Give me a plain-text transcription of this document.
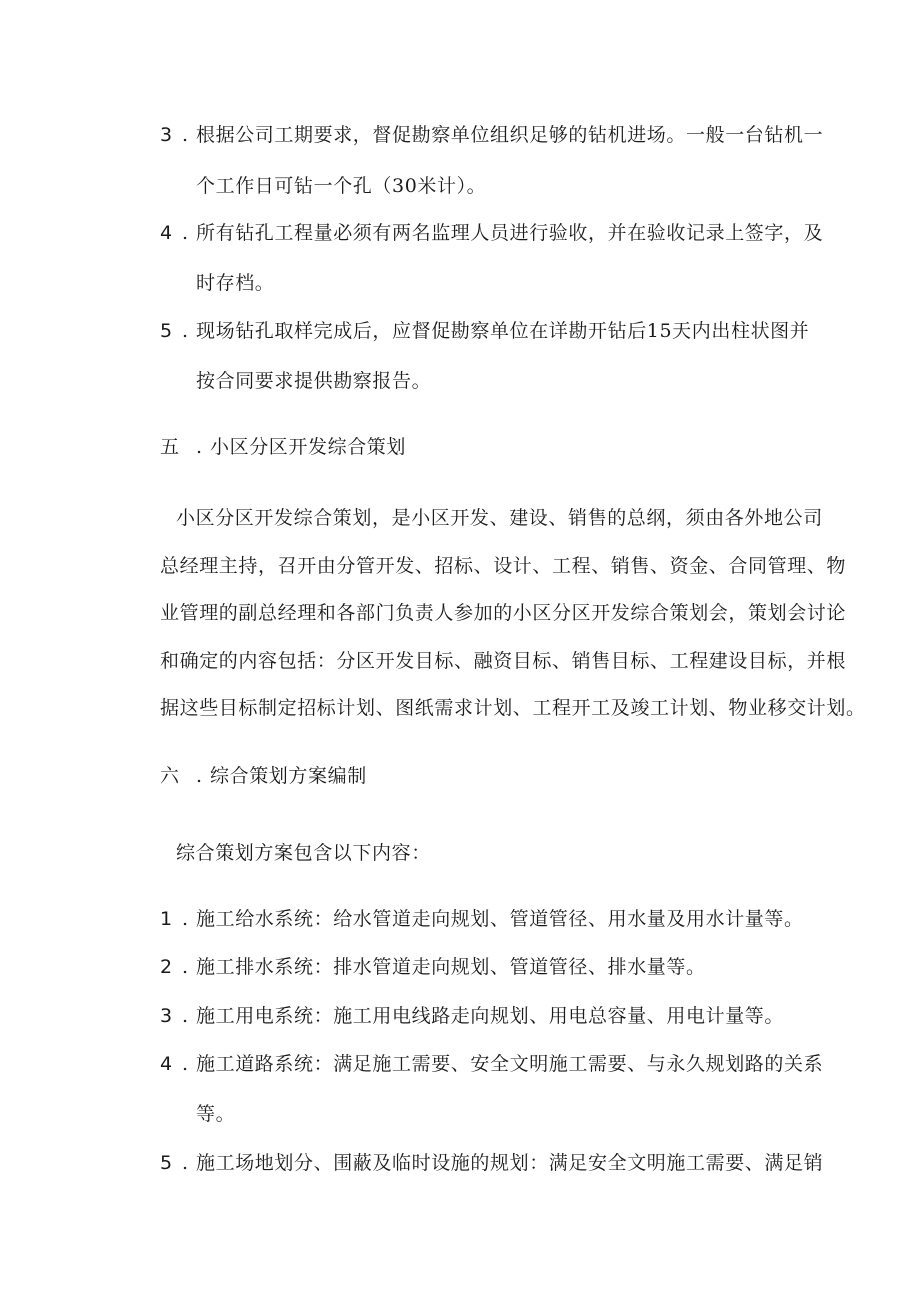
3 . 根据公司工期要求，督促勘察单位组织足够的钻机进场。一般一台钻机一
个工作日可钻一个孔（30米计）。
4 . 所有钻孔工程量必须有两名监理人员进行验收，并在验收记录上签字，及
时存档。
5 . 现场钻孔取样完成后，应督促勘察单位在详勘开钻后15天内出柱状图并
按合同要求提供勘察报告。
五 . 小区分区开发综合策划
小区分区开发综合策划，是小区开发、建设、销售的总纲，须由各外地公司
总经理主持，召开由分管开发、招标、设计、工程、销售、资金、合同管理、物
业管理的副总经理和各部门负责人参加的小区分区开发综合策划会，策划会讨论
和确定的内容包括：分区开发目标、融资目标、销售目标、工程建设目标，并根
据这些目标制定招标计划、图纸需求计划、工程开工及竣工计划、物业移交计划。
六 . 综合策划方案编制
综合策划方案包含以下内容：
1 . 施工给水系统：给水管道走向规划、管道管径、用水量及用水计量等。
2 . 施工排水系统：排水管道走向规划、管道管径、排水量等。
3 . 施工用电系统：施工用电线路走向规划、用电总容量、用电计量等。
4 . 施工道路系统：满足施工需要、安全文明施工需要、与永久规划路的关系
等。
5 . 施工场地划分、围蔽及临时设施的规划：满足安全文明施工需要、满足销
